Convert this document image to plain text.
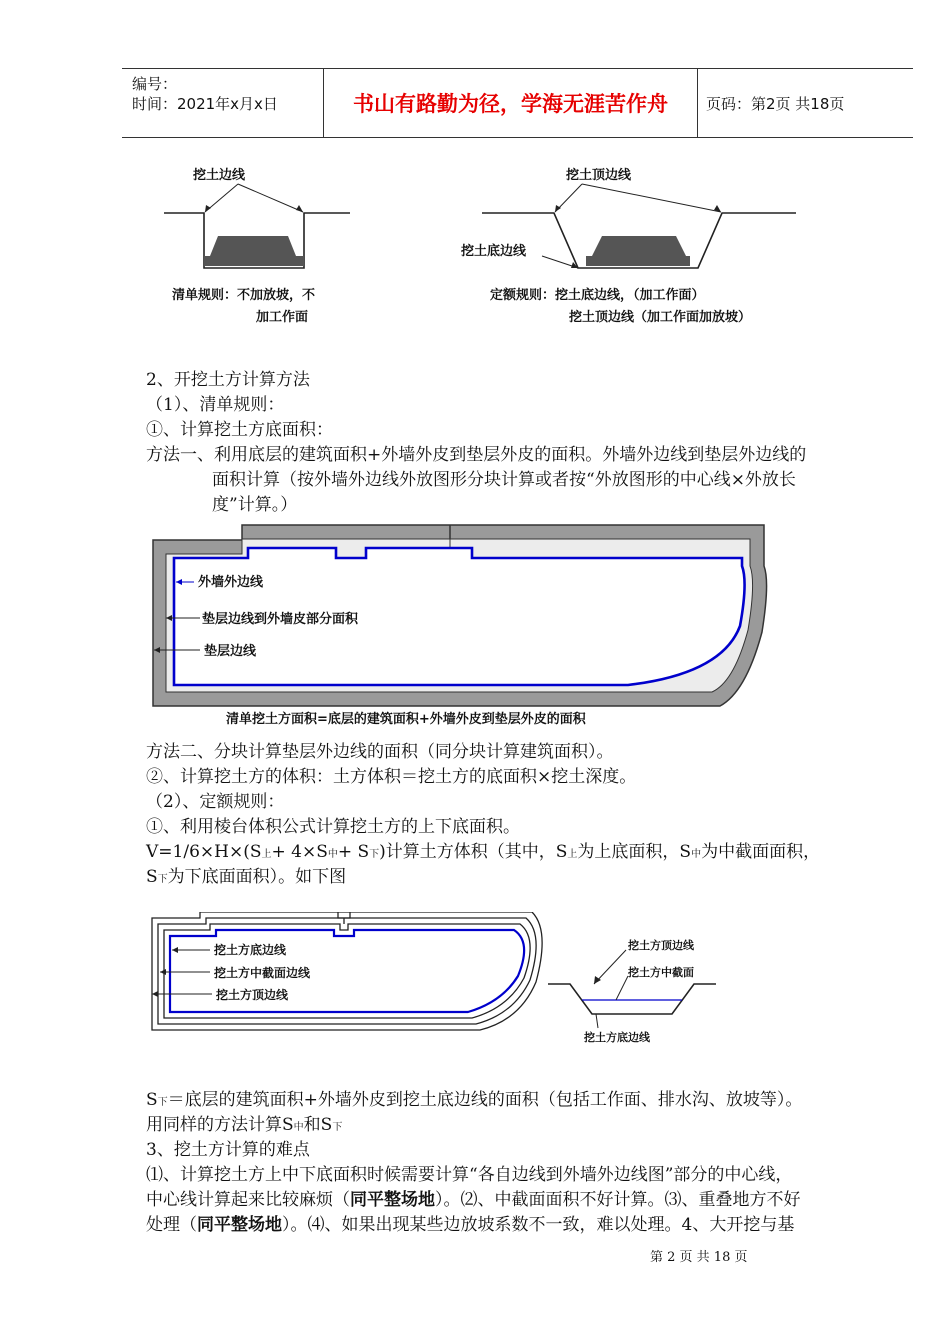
编号：
时间：2021年x月x日	书山有路勤为径，学海无涯苦作舟	页码：第2页 共18页
挖土边线
清单规则：不加放坡，不
加工作面
挖土顶边线
挖土底边线
定额规则：挖土底边线，（加工作面）
挖土顶边线（加工作面加放坡）
2、开挖土方计算方法
（1）、清单规则：
①、计算挖土方底面积：
方法一、利用底层的建筑面积+外墙外皮到垫层外皮的面积。外墙外边线到垫层外边线的
面积计算（按外墙外边线外放图形分块计算或者按“外放图形的中心线×外放长
度”计算。）
外墙外边线
垫层边线到外墙皮部分面积
垫层边线
清单挖土方面积=底层的建筑面积+外墙外皮到垫层外皮的面积
方法二、分块计算垫层外边线的面积（同分块计算建筑面积）。
②、计算挖土方的体积：土方体积＝挖土方的底面积×挖土深度。
（2）、定额规则：
①、利用棱台体积公式计算挖土方的上下底面积。
V=1/6×H×(S上+ 4×S中+ S下)计算土方体积（其中，S上为上底面积，S中为中截面面积，
S下为下底面面积）。如下图
挖土方底边线
挖土方中截面边线
挖土方顶边线
挖土方顶边线
挖土方中截面
挖土方底边线
S下＝底层的建筑面积+外墙外皮到挖土底边线的面积（包括工作面、排水沟、放坡等）。
用同样的方法计算S中和S下
3、挖土方计算的难点
⑴、计算挖土方上中下底面积时候需要计算“各自边线到外墙外边线图”部分的中心线，
中心线计算起来比较麻烦（同平整场地）。⑵、中截面面积不好计算。⑶、重叠地方不好
处理（同平整场地）。⑷、如果出现某些边放坡系数不一致，难以处理。4、大开挖与基
第 2 页 共 18 页
